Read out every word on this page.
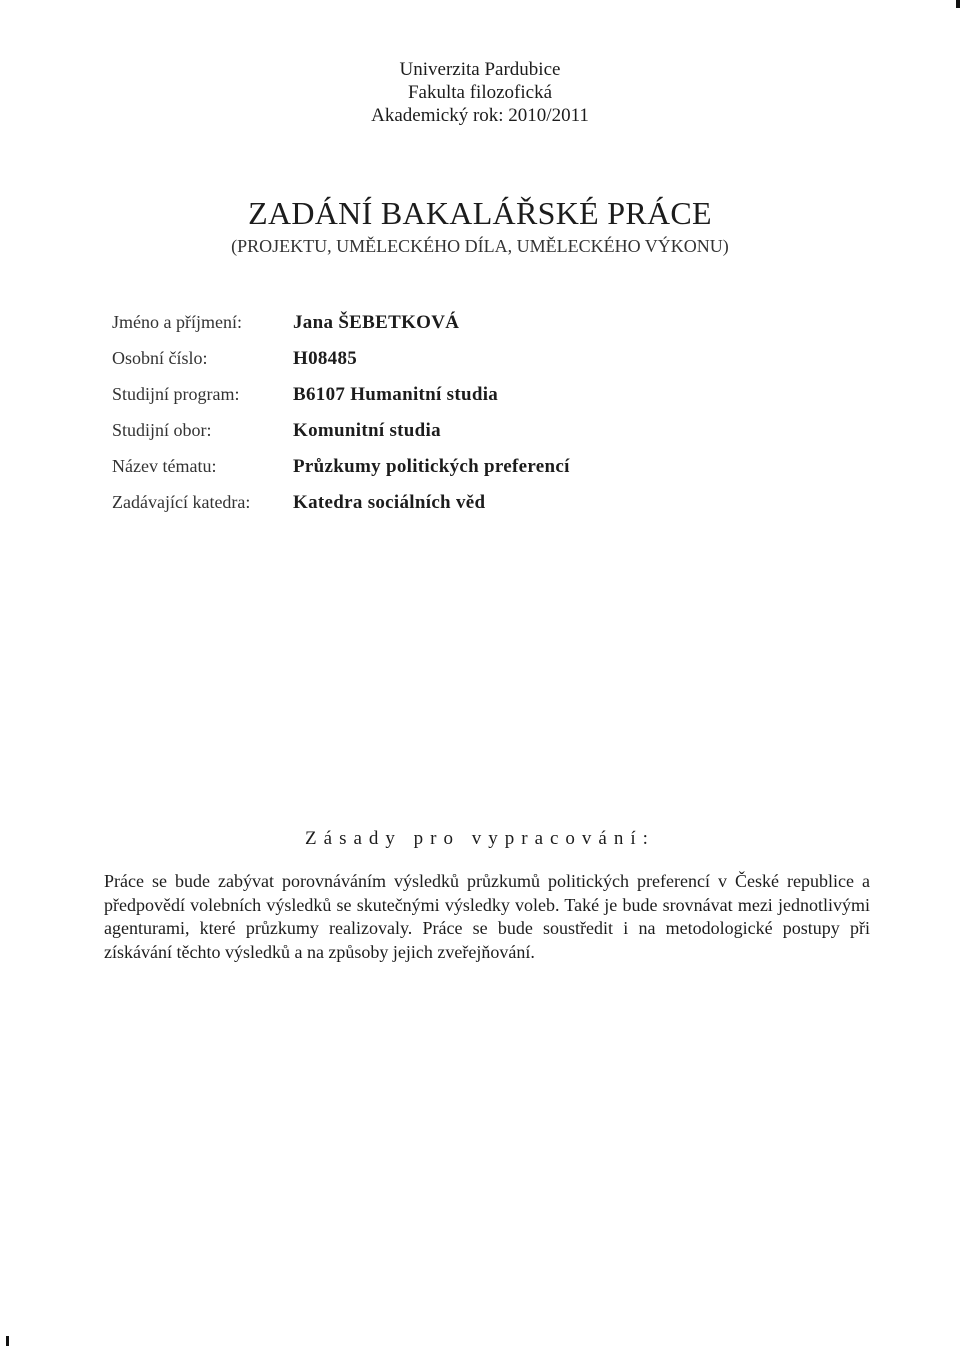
Univerzita Pardubice
Fakulta filozofická
Akademický rok: 2010/2011
ZADÁNÍ BAKALÁŘSKÉ PRÁCE
(PROJEKTU, UMĚLECKÉHO DÍLA, UMĚLECKÉHO VÝKONU)
Jméno a příjmení:	Jana ŠEBETKOVÁ
Osobní číslo:	H08485
Studijní program:	B6107 Humanitní studia
Studijní obor:	Komunitní studia
Název tématu:	Průzkumy politických preferencí
Zadávající katedra:	Katedra sociálních věd
Zásady pro vypracování:
Práce se bude zabývat porovnáváním výsledků průzkumů politických preferencí v České republice a předpovědí volebních výsledků se skutečnými výsledky voleb. Také je bude srovnávat mezi jednotlivými agenturami, které průzkumy realizovaly. Práce se bude soustředit i na metodologické postupy při získávání těchto výsledků a na způsoby jejich zveřejňování.
